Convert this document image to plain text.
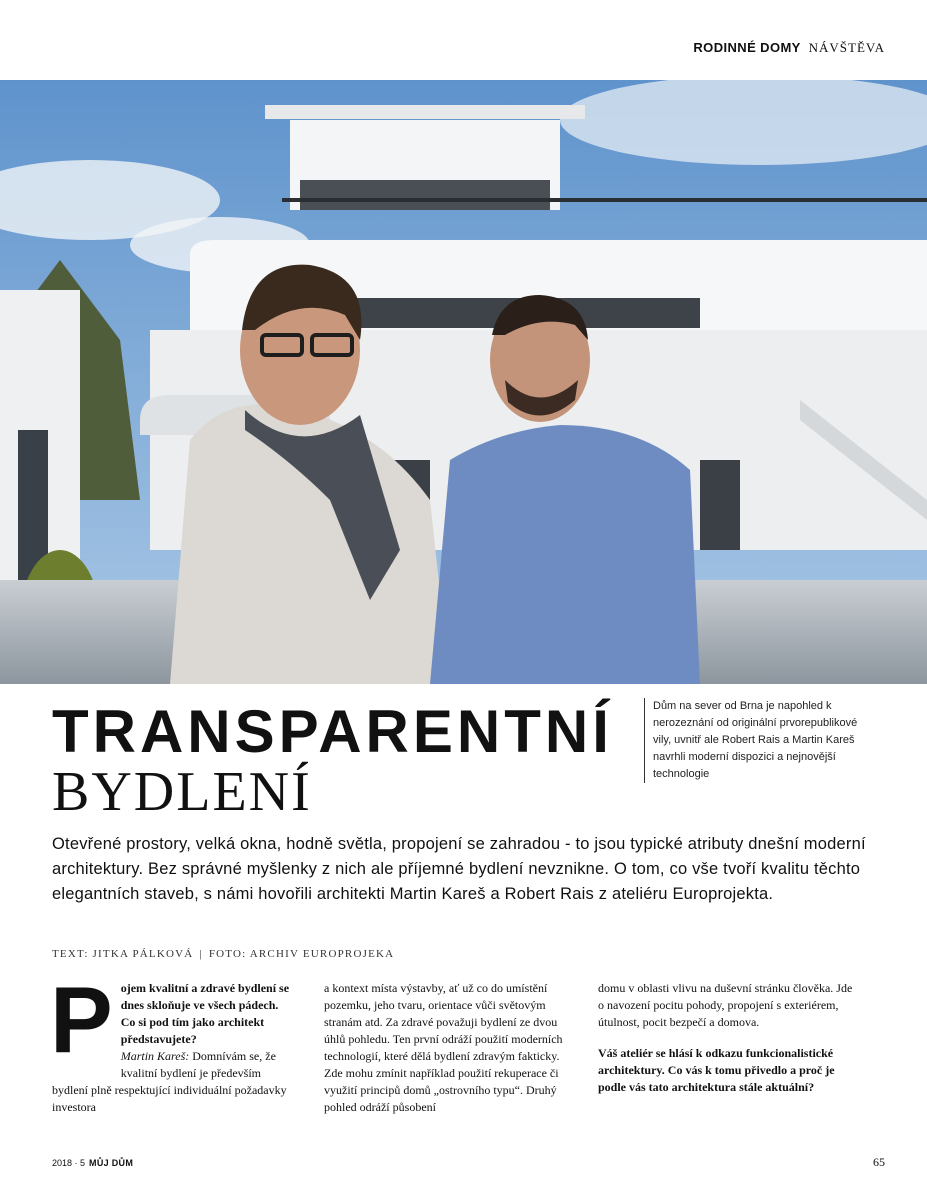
RODINNÉ DOMY NÁVŠTĚVA
TRANSPARENTNÍ
BYDLENÍ
Dům na sever od Brna je napohled k nerozeznání od originální prvorepublikové vily, uvnitř ale Robert Rais a Martin Kareš navrhli moderní dispozici a nejnovější technologie
Otevřené prostory, velká okna, hodně světla, propojení se zahradou - to jsou typické atributy dnešní moderní architektury. Bez správné myšlenky z nich ale příjemné bydlení nevznikne. O tom, co vše tvoří kvalitu těchto elegantních staveb, s námi hovořili architekti Martin Kareš a Robert Rais z ateliéru Europrojekta.
TEXT: JITKA PÁLKOVÁ | FOTO: ARCHIV EUROPROJEKA
P ojem kvalitní a zdravé bydlení se dnes skloňuje ve všech pádech. Co si pod tím jako architekt představujete?
Martin Kareš: Domnívám se, že kvalitní bydlení je především bydlení plně respektující individuální požadavky investora

a kontext místa výstavby, ať už co do umístění pozemku, jeho tvaru, orientace vůči světovým stranám atd. Za zdravé považuji bydlení ze dvou úhlů pohledu. Ten první odráží použití moderních technologií, které dělá bydlení zdravým fakticky. Zde mohu zmínit například použití rekuperace či využití principů domů „ostrovního typu“. Druhý pohled odráží působení

domu v oblasti vlivu na duševní stránku člověka. Jde o navození pocitu pohody, propojení s exteriérem, útulnost, pocit bezpečí a domova.

Váš ateliér se hlásí k odkazu funkcionalistické architektury. Co vás k tomu přivedlo a proč je podle vás tato architektura stále aktuální?

2018 · 5 MŮJ DŮM	65
